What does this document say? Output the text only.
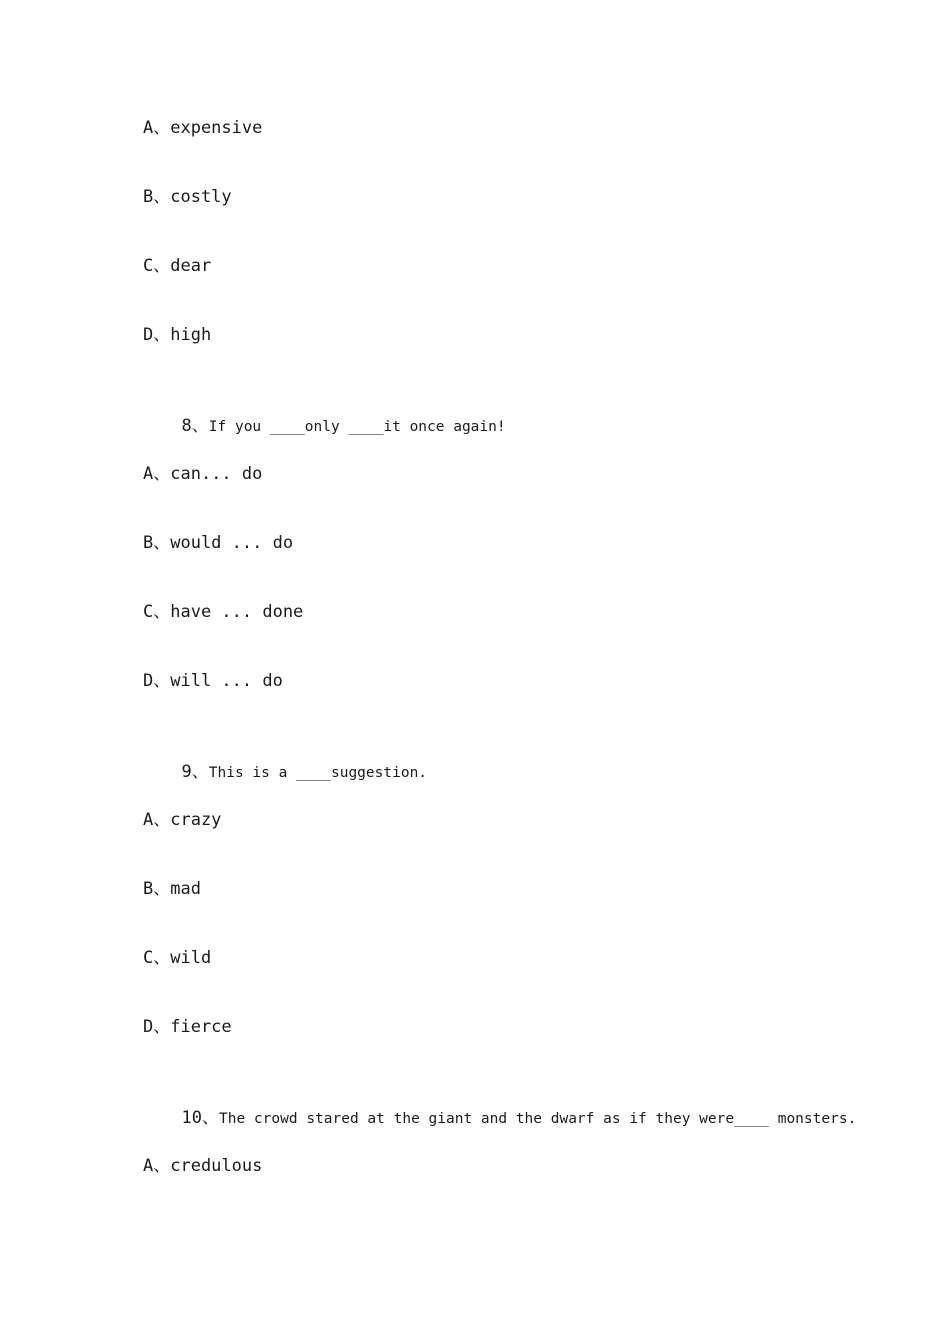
A、expensive
B、costly
C、dear
D、high

8、If you ____only ____it once again!

A、can... do
B、would ... do
C、have ... done
D、will ... do

9、This is a ____suggestion.

A、crazy
B、mad
C、wild
D、fierce

10、The crowd stared at the giant and the dwarf as if they were____ monsters.

A、credulous
